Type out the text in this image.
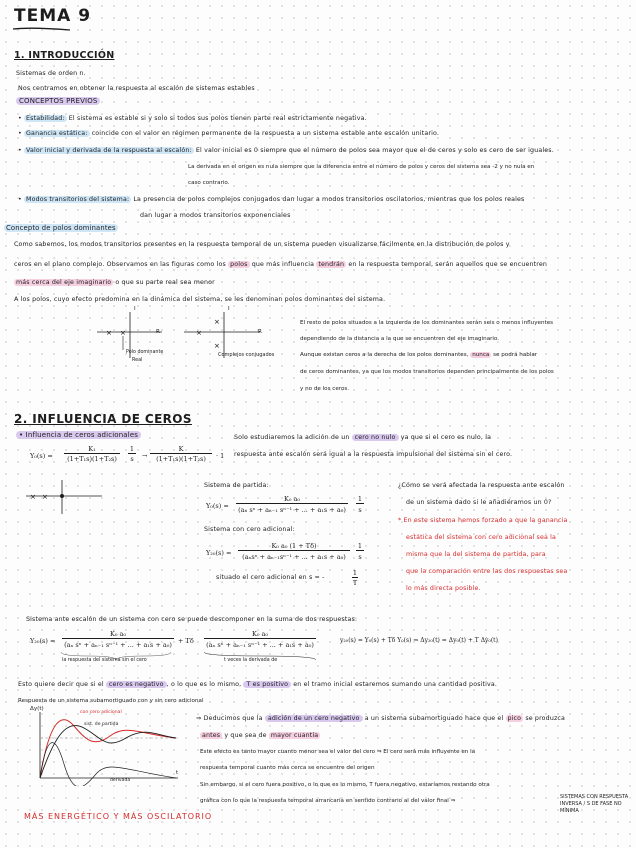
TEMA 9
1. INTRODUCCIÓN
Sistemas de orden n.
Nos centramos en obtener la respuesta al escalón de sistemas estables
CONCEPTOS PREVIOS
• Estabilidad: El sistema es estable si y solo si todos sus polos tienen parte real estrictamente negativa.
• Ganancia estática: coincide con el valor en régimen permanente de la respuesta a un sistema estable ante escalón unitario.
• Valor inicial y derivada de la respuesta al escalón: El valor inicial es 0 siempre que el número de polos sea mayor que el de ceros y solo es cero de ser iguales.
La derivada en el origen es nula siempre que la diferencia entre el número de polos y ceros del sistema sea -2 y no nula en
caso contrario.
• Modos transitorios del sistema: La presencia de polos complejos conjugados dan lugar a modos transitorios oscilatorios, mientras que los polos reales
dan lugar a modos transitorios exponenciales
Concepto de polos dominantes
Como sabemos, los modos transitorios presentes en la respuesta temporal de un sistema pueden visualizarse fácilmente en la distribución de polos y
ceros en el plano complejo. Observamos en las figuras como los polos que más influencia tendrán en la respuesta temporal, serán aquellos que se encuentren
más cerca del eje imaginario o que su parte real sea menor
A los polos, cuyo efecto predomina en la dinámica del sistema, se les denominan polos dominantes del sistema.
× ×	R
I
Polo dominante
Real
×
×
×
R
I
Complejos conjugados
El resto de polos situados a la izquierda de los dominantes serán seis o menos influyentes
dependiendo de la distancia a la que se encuentren del eje imaginario.
Aunque existan ceros a la derecha de los polos dominantes, nunca se podrá hablar
de ceros dominantes, ya que los modos transitorios dependen principalmente de los polos
y no de los ceros.
2. INFLUENCIA DE CEROS
• Influencia de ceros adicionales
Y₀(s) =
K₁
(1+T₁s)(1+T₂s)
1
s	→
K
(1+T₁s)(1+T₂s)	· 1
Solo estudiaremos la adición de un cero no nulo ya que si el cero es nulo, la
respuesta ante escalón será igual a la respuesta impulsional del sistema sin el cero.
× ×
Sistema de partida:
Y₀(s) =
K₀ a₀
(aₙ sⁿ + aₙ₋₁ sⁿ⁻¹ + ... + a₁s + a₀)
1
s
Sistema con cero adicional:
Y₂₀(s) =
K₀ a₀ (1 + Tδ)
(aₙsⁿ + aₙ₋₁sⁿ⁻¹ + ... + a₁s + a₀)
1
s
situado el cero adicional en s = -
1
T
¿Cómo se verá afectada la respuesta ante escalón
de un sistema dado si le añadiéramos un 0?
* En este sistema hemos forzado a que la ganancia
estática del sistema con cero adicional sea la
misma que la del sistema de partida, para
que la comparación entre las dos respuestas sea
lo más directa posible.
Sistema ante escalón de un sistema con cero se puede descomponer en la suma de dos respuestas:
Y₂₀(s) =
K₀ a₀
(aₙ sⁿ + aₙ₋₁ sⁿ⁻¹ + ... + a₁s + a₀) + Tδ
K₀ a₀
(aₙ sⁿ + aₙ₋₁ sⁿ⁻¹ + ... + a₁s + a₀)
y₂₀(s) = Y₀(s) + Tδ Y₀(s) ⇒ Δy₂₀(t) = Δy₀(t) + T Δẏ₀(t)
la respuesta del sistema sin el cero	t veces la derivada de
Esto quiere decir que si el cero es negativo , o lo que es lo mismo, T es positivo en el tramo inicial estaremos sumando una cantidad positiva.
Respuesta de un sistema subamortiguado con y sin cero adicional
Δy(t)
t
con cero adicional
sist. de partida
derivada
⇒ Deducimos que la adición de un cero negativo a un sistema subamortiguado hace que el pico se produzca
antes y que sea de mayor cuantía
Este efecto es tanto mayor cuanto menor sea el valor del cero ⇒ El cero será más influyente en la
respuesta temporal cuanto más cerca se encuentre del origen
Sin embargo, si el cero fuera positivo, o lo que es lo mismo, T fuera negativo, estaríamos restando otra
gráfica con lo que la respuesta temporal arrancaría en sentido contrario al del valor final ⇒
SISTEMAS CON RESPUESTA INVERSA / S DE FASE NO MÍNIMA
MÁS ENERGÉTICO Y MÁS OSCILATORIO
